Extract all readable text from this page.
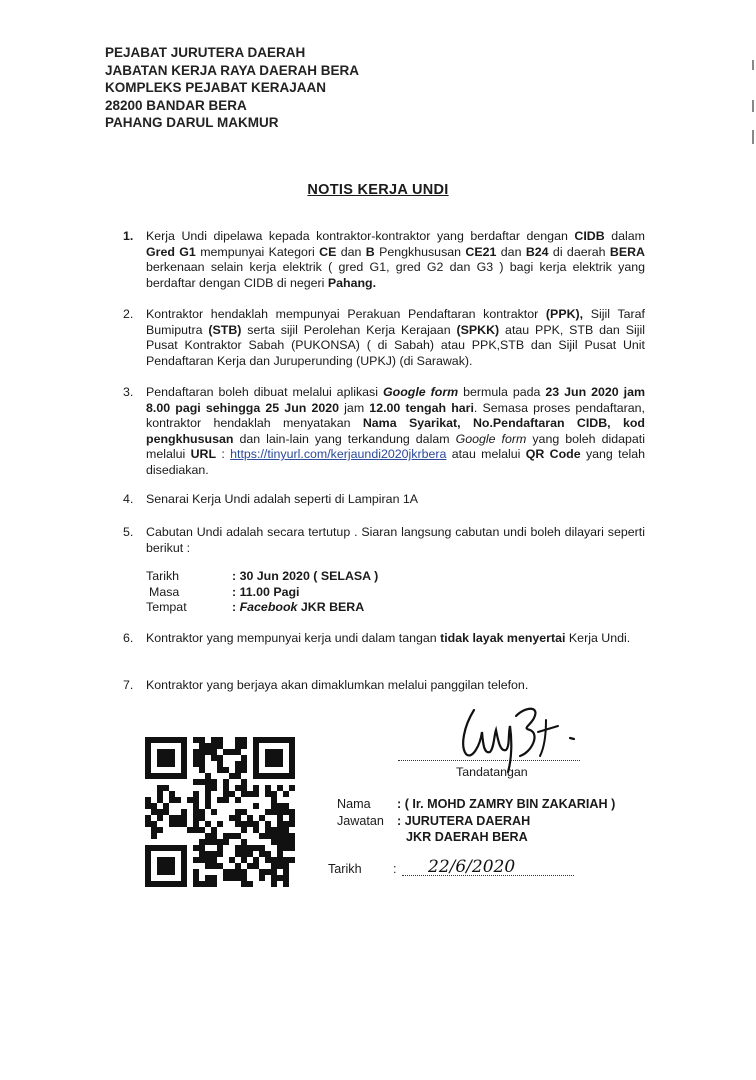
PEJABAT JURUTERA DAERAH
JABATAN KERJA RAYA DAERAH BERA
KOMPLEKS PEJABAT KERAJAAN
28200 BANDAR BERA
PAHANG DARUL MAKMUR
NOTIS KERJA UNDI
1. Kerja Undi dipelawa kepada kontraktor-kontraktor yang berdaftar dengan CIDB dalam Gred G1 mempunyai Kategori CE dan B Pengkhususan CE21 dan B24 di daerah BERA berkenaan selain kerja elektrik ( gred G1, gred G2 dan G3 ) bagi kerja elektrik yang berdaftar dengan CIDB di negeri Pahang.
2. Kontraktor hendaklah mempunyai Perakuan Pendaftaran kontraktor (PPK), Sijil Taraf Bumiputra (STB) serta sijil Perolehan Kerja Kerajaan (SPKK) atau PPK, STB dan Sijil Pusat Kontraktor Sabah (PUKONSA) ( di Sabah) atau PPK,STB dan Sijil Pusat Unit Pendaftaran Kerja dan Juruperunding (UPKJ) (di Sarawak).
3. Pendaftaran boleh dibuat melalui aplikasi Google form bermula pada 23 Jun 2020 jam 8.00 pagi sehingga 25 Jun 2020 jam 12.00 tengah hari. Semasa proses pendaftaran, kontraktor hendaklah menyatakan Nama Syarikat, No.Pendaftaran CIDB, kod pengkhususan dan lain-lain yang terkandung dalam Google form yang boleh didapati melalui URL : https://tinyurl.com/kerjaundi2020jkrbera atau melalui QR Code yang telah disediakan.
4. Senarai Kerja Undi adalah seperti di Lampiran 1A
5. Cabutan Undi adalah secara tertutup . Siaran langsung cabutan undi boleh dilayari seperti berikut :
Tarikh	: 30 Jun 2020 ( SELASA )
Masa	: 11.00 Pagi
Tempat	: Facebook JKR BERA
6. Kontraktor yang mempunyai kerja undi dalam tangan tidak layak menyertai Kerja Undi.
7. Kontraktor yang berjaya akan dimaklumkan melalui panggilan telefon.
Tandatangan
Nama : ( Ir. MOHD ZAMRY BIN ZAKARIAH )
Jawatan : JURUTERA DAERAH
JKR DAERAH BERA
Tarikh : 22/6/2020
